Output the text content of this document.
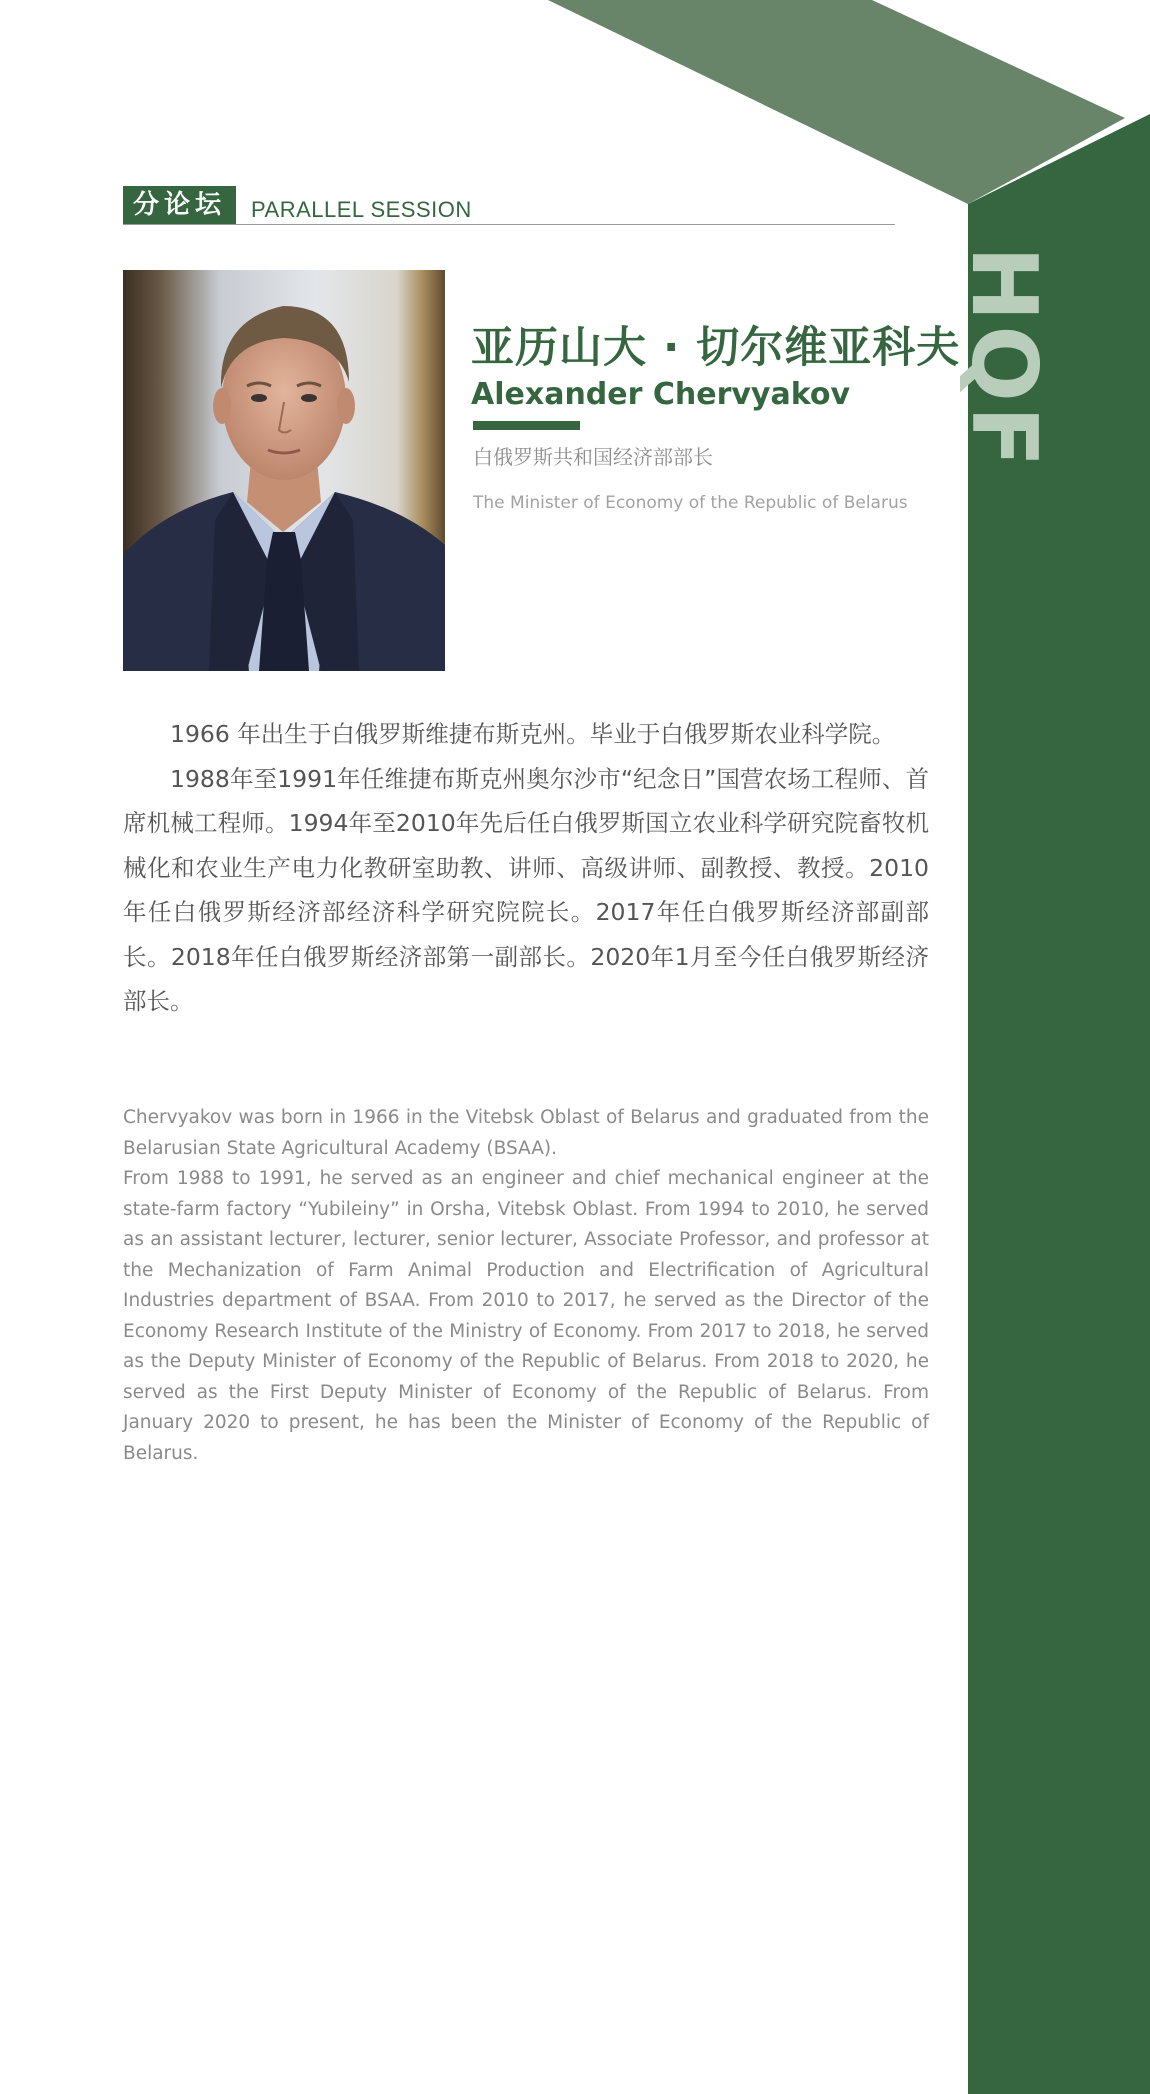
HQF
分论坛	PARALLEL SESSION
亚历山大 · 切尔维亚科夫
Alexander Chervyakov
白俄罗斯共和国经济部部长
The Minister of Economy of the Republic of Belarus

1966 年出生于白俄罗斯维捷布斯克州。毕业于白俄罗斯农业科学院。

1988年至1991年任维捷布斯克州奥尔沙市“纪念日”国营农场工程师、首席机械工程师。1994年至2010年先后任白俄罗斯国立农业科学研究院畜牧机械化和农业生产电力化教研室助教、讲师、高级讲师、副教授、教授。2010年任白俄罗斯经济部经济科学研究院院长。2017年任白俄罗斯经济部副部长。2018年任白俄罗斯经济部第一副部长。2020年1月至今任白俄罗斯经济部长。

Chervyakov was born in 1966 in the Vitebsk Oblast of Belarus and graduated from the Belarusian State Agricultural Academy (BSAA).

From 1988 to 1991, he served as an engineer and chief mechanical engineer at the state-farm factory “Yubileiny” in Orsha, Vitebsk Oblast. From 1994 to 2010, he served as an assistant lecturer, lecturer, senior lecturer, Associate Professor, and professor at the Mechanization of Farm Animal Production and Electrification of Agricultural Industries department of BSAA. From 2010 to 2017, he served as the Director of the Economy Research Institute of the Ministry of Economy. From 2017 to 2018, he served as the Deputy Minister of Economy of the Republic of Belarus. From 2018 to 2020, he served as the First Deputy Minister of Economy of the Republic of Belarus. From January 2020 to present, he has been the Minister of Economy of the Republic of Belarus.
